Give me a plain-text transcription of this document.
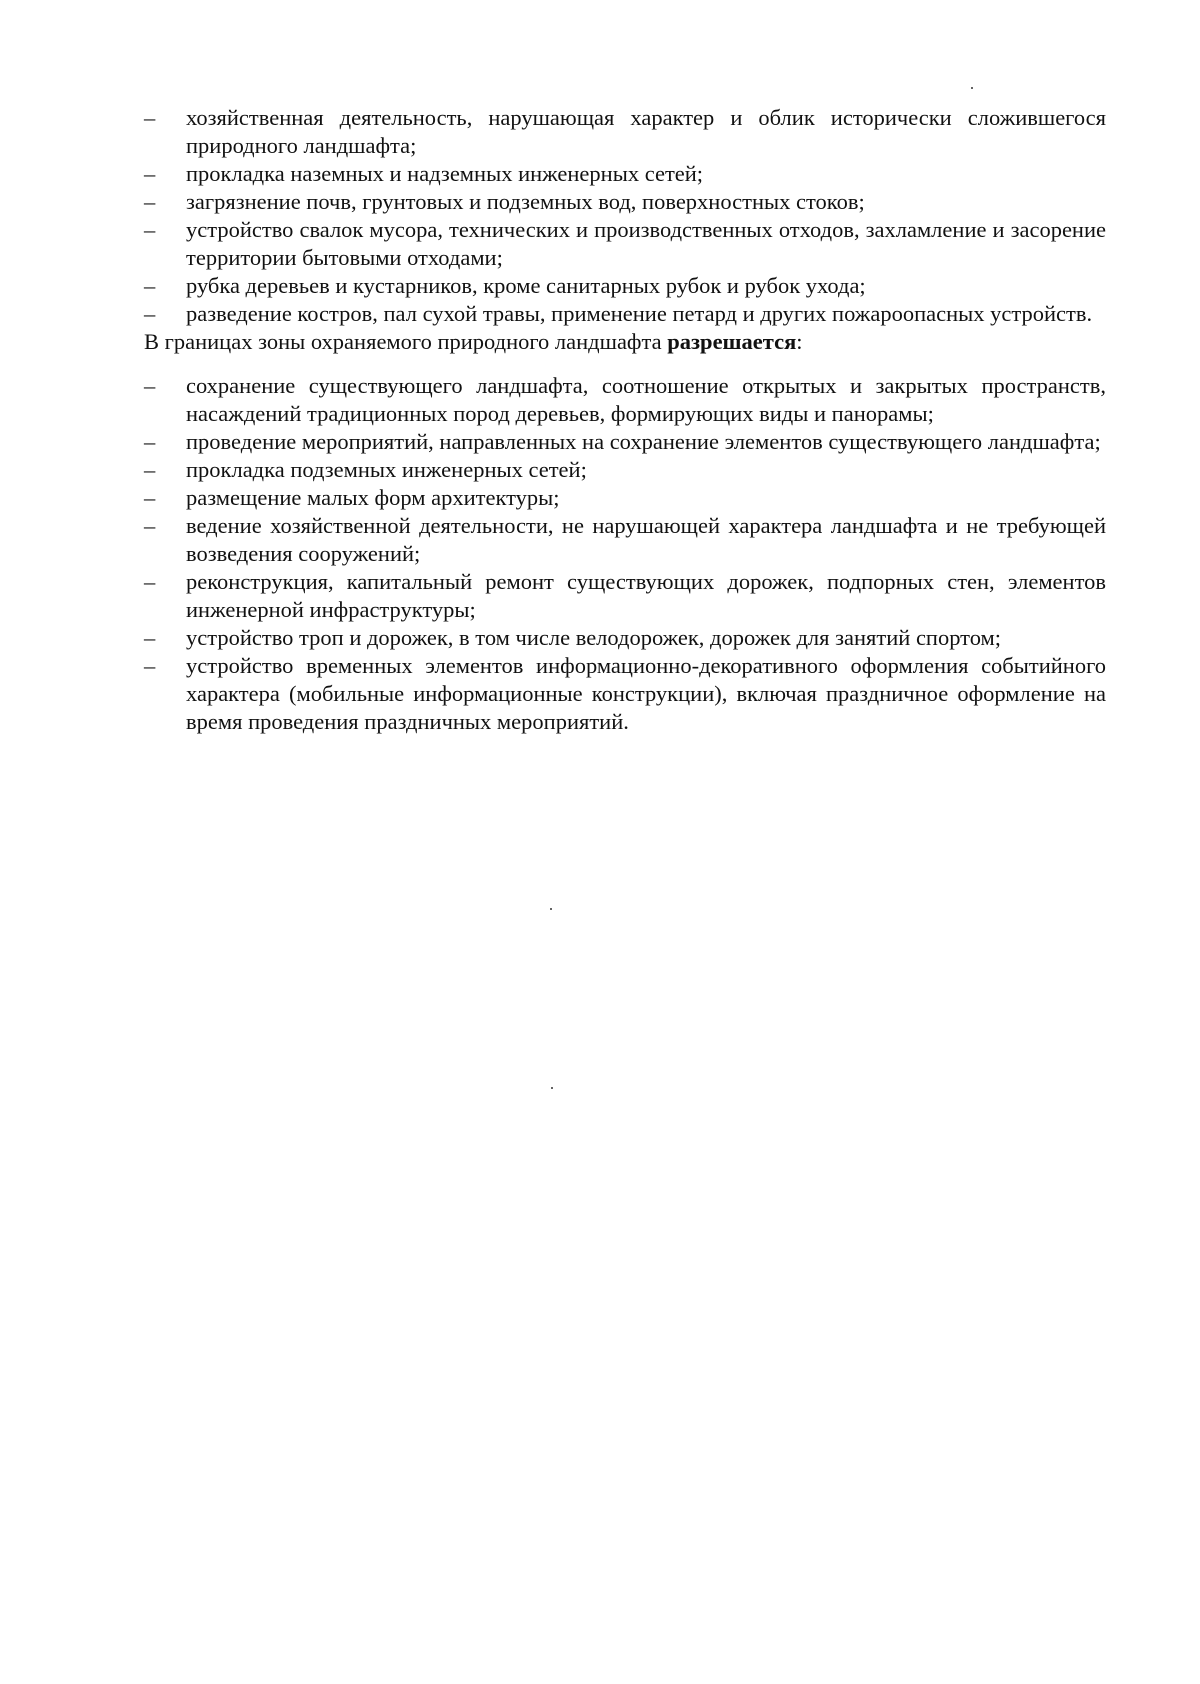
–	хозяйственная деятельность, нарушающая характер и облик исторически сложившегося природного ландшафта;
–	прокладка наземных и надземных инженерных сетей;
–	загрязнение почв, грунтовых и подземных вод, поверхностных стоков;
–	устройство свалок мусора, технических и производственных отходов, захламление и засорение территории бытовыми отходами;
–	рубка деревьев и кустарников, кроме санитарных рубок и рубок ухода;
–	разведение костров, пал сухой травы, применение петард и других пожароопасных устройств.

В границах зоны охраняемого природного ландшафта разрешается:

–	сохранение существующего ландшафта, соотношение открытых и закрытых пространств, насаждений традиционных пород деревьев, формирующих виды и панорамы;
–	проведение мероприятий, направленных на сохранение элементов существующего ландшафта;
–	прокладка подземных инженерных сетей;
–	размещение малых форм архитектуры;
–	ведение хозяйственной деятельности, не нарушающей характера ландшафта и не требующей возведения сооружений;
–	реконструкция, капитальный ремонт существующих дорожек, подпорных стен, элементов инженерной инфраструктуры;
–	устройство троп и дорожек, в том числе велодорожек, дорожек для занятий спортом;
–	устройство временных элементов информационно-декоративного оформления событийного характера (мобильные информационные конструкции), включая праздничное оформление на время проведения праздничных мероприятий.
